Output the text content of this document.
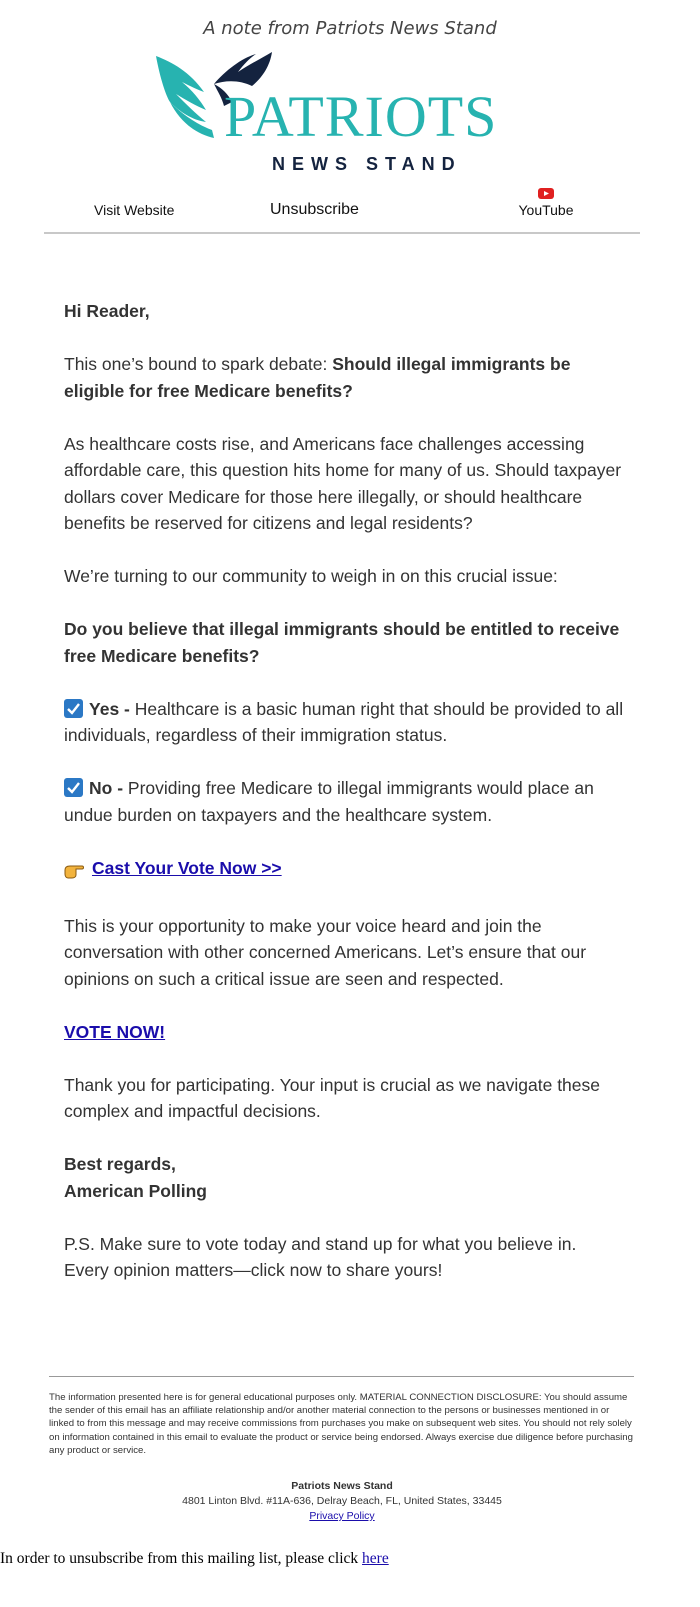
A note from Patriots News Stand
PATRIOTS
NEWS STAND
Visit Website	Unsubscribe	YouTube

Hi Reader,

This one’s bound to spark debate: Should illegal immigrants be eligible for free Medicare benefits?

As healthcare costs rise, and Americans face challenges accessing affordable care, this question hits home for many of us. Should taxpayer dollars cover Medicare for those here illegally, or should healthcare benefits be reserved for citizens and legal residents?

We’re turning to our community to weigh in on this crucial issue:

Do you believe that illegal immigrants should be entitled to receive free Medicare benefits?

Yes - Healthcare is a basic human right that should be provided to all individuals, regardless of their immigration status.

No - Providing free Medicare to illegal immigrants would place an undue burden on taxpayers and the healthcare system.

Cast Your Vote Now >>

This is your opportunity to make your voice heard and join the conversation with other concerned Americans. Let’s ensure that our opinions on such a critical issue are seen and respected.

VOTE NOW!

Thank you for participating. Your input is crucial as we navigate these complex and impactful decisions.

Best regards,
American Polling

P.S. Make sure to vote today and stand up for what you believe in. Every opinion matters—click now to share yours!

The information presented here is for general educational purposes only. MATERIAL CONNECTION DISCLOSURE: You should assume the sender of this email has an affiliate relationship and/or another material connection to the persons or businesses mentioned in or linked to from this message and may receive commissions from purchases you make on subsequent web sites. You should not rely solely on information contained in this email to evaluate the product or service being endorsed. Always exercise due diligence before purchasing any product or service.
Patriots News Stand
4801 Linton Blvd. #11A-636, Delray Beach, FL, United States, 33445
Privacy Policy
In order to unsubscribe from this mailing list, please click here
